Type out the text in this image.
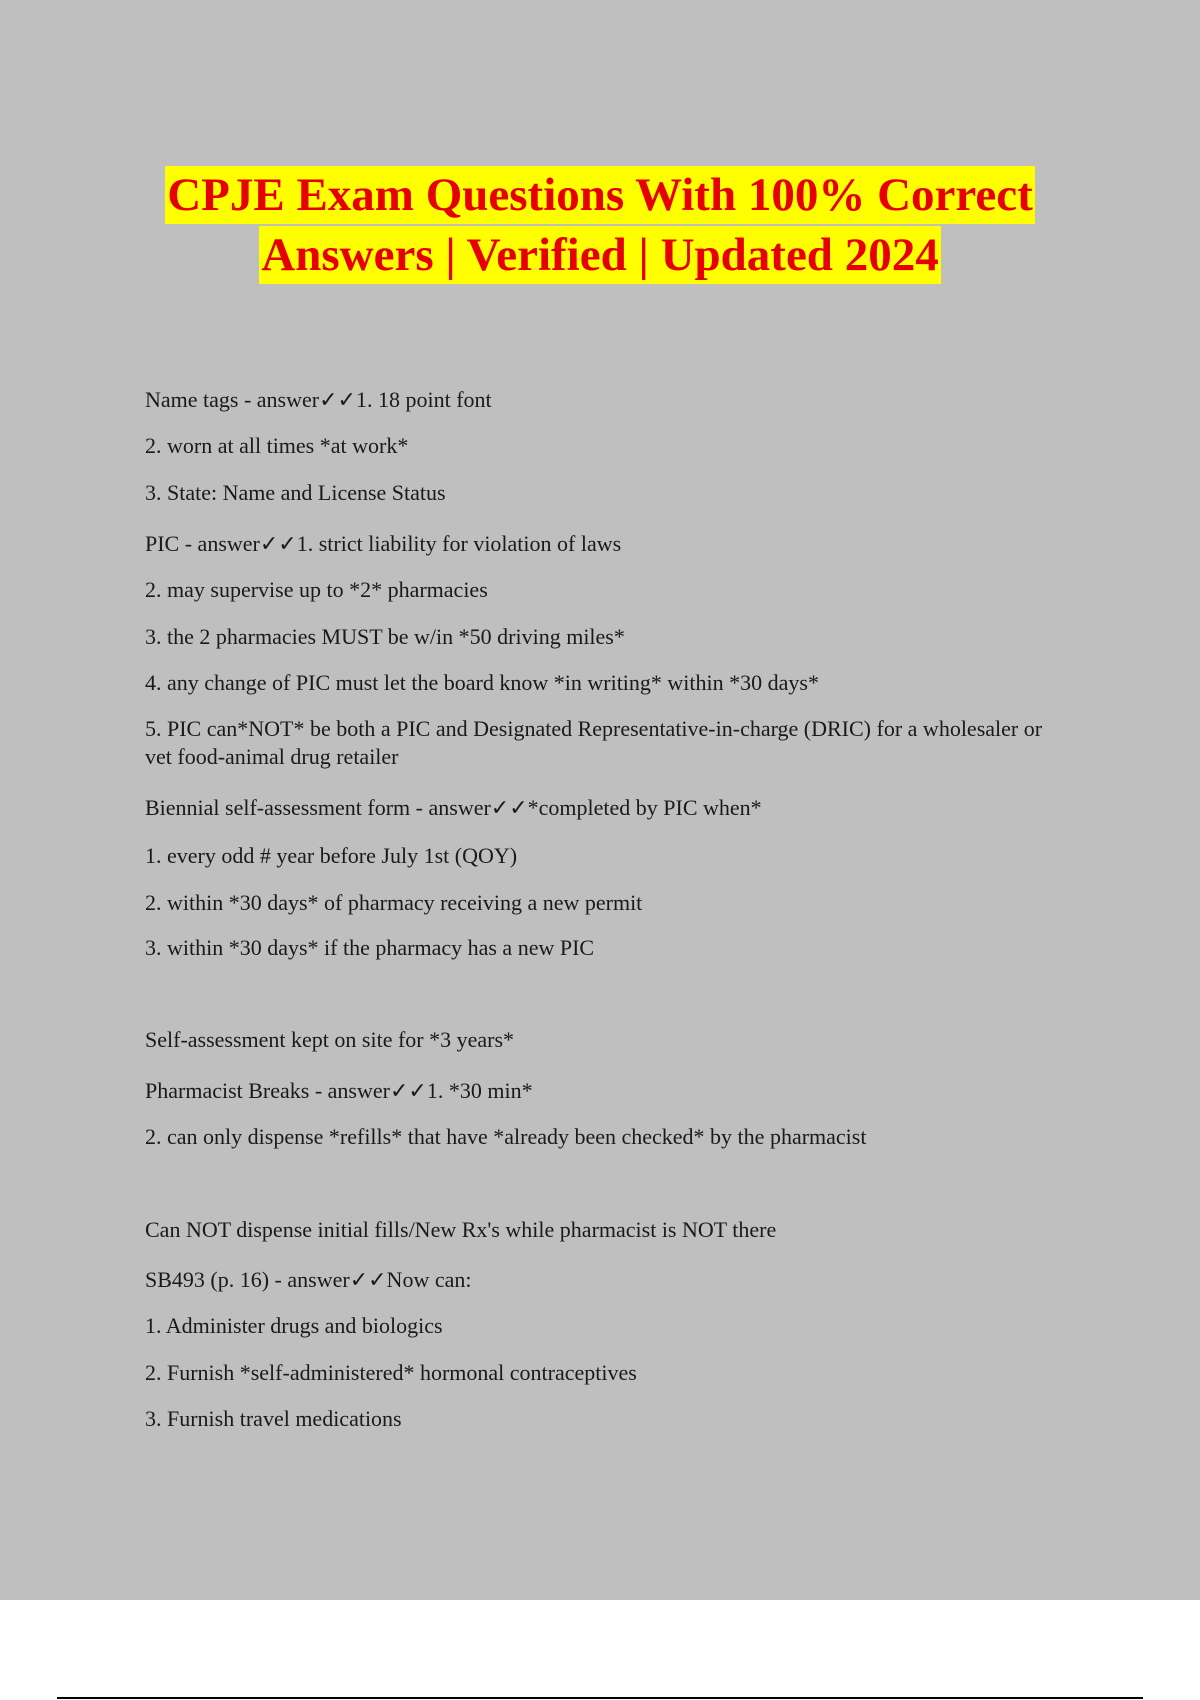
CPJE Exam Questions With 100% Correct
Answers | Verified | Updated 2024
Name tags - answer✓✓1. 18 point font
2. worn at all times *at work*
3. State: Name and License Status
PIC - answer✓✓1. strict liability for violation of laws
2. may supervise up to *2* pharmacies
3. the 2 pharmacies MUST be w/in *50 driving miles*
4. any change of PIC must let the board know *in writing* within *30 days*
5. PIC can*NOT* be both a PIC and Designated Representative-in-charge (DRIC) for a wholesaler or vet food-animal drug retailer
Biennial self-assessment form - answer✓✓*completed by PIC when*
1. every odd # year before July 1st (QOY)
2. within *30 days* of pharmacy receiving a new permit
3. within *30 days* if the pharmacy has a new PIC
Self-assessment kept on site for *3 years*
Pharmacist Breaks - answer✓✓1. *30 min*
2. can only dispense *refills* that have *already been checked* by the pharmacist
Can NOT dispense initial fills/New Rx's while pharmacist is NOT there
SB493 (p. 16) - answer✓✓Now can:
1. Administer drugs and biologics
2. Furnish *self-administered* hormonal contraceptives
3. Furnish travel medications
